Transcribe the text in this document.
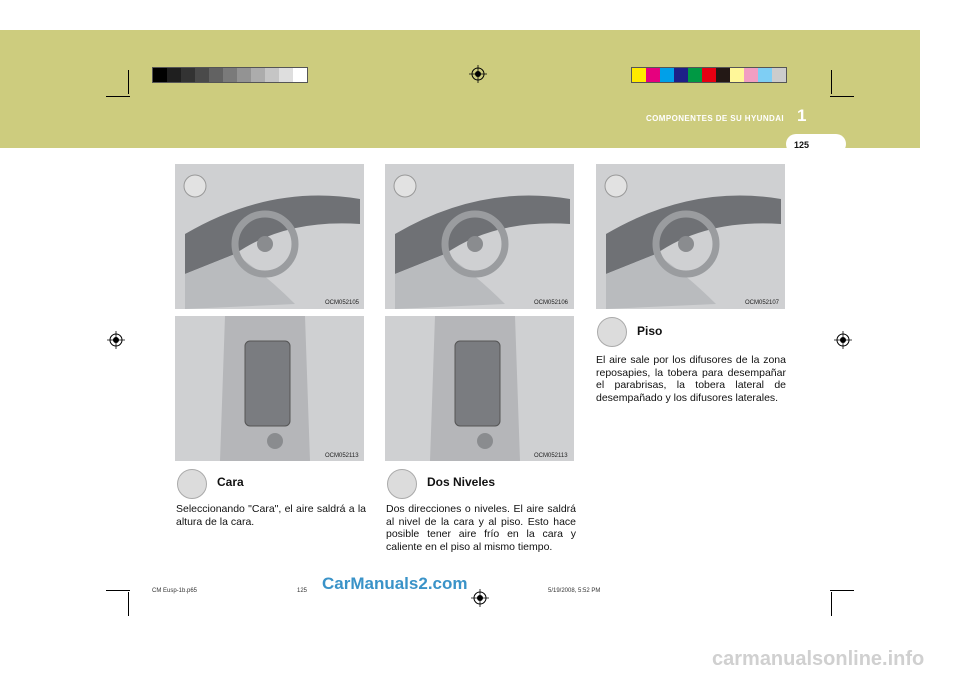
COMPONENTES DE SU HYUNDAI 1
125
OCM052105	OCM052106	OCM052107
OCM052113	OCM052113
Cara
Seleccionando "Cara", el aire saldrá a la altura de la cara.
Dos Niveles
Dos direcciones o niveles. El aire saldrá al nivel de la cara y al piso. Esto hace posible tener aire frío en la cara y caliente en el piso al mismo tiempo.
Piso
El aire sale por los difusores de la zona reposapies, la tobera para desempañar el parabrisas, la tobera lateral de desempañado y los difusores laterales.
CM Eusp-1b.p65	125	5/19/2008, 5:52 PM
CarManuals2.com
carmanualsonline.info
